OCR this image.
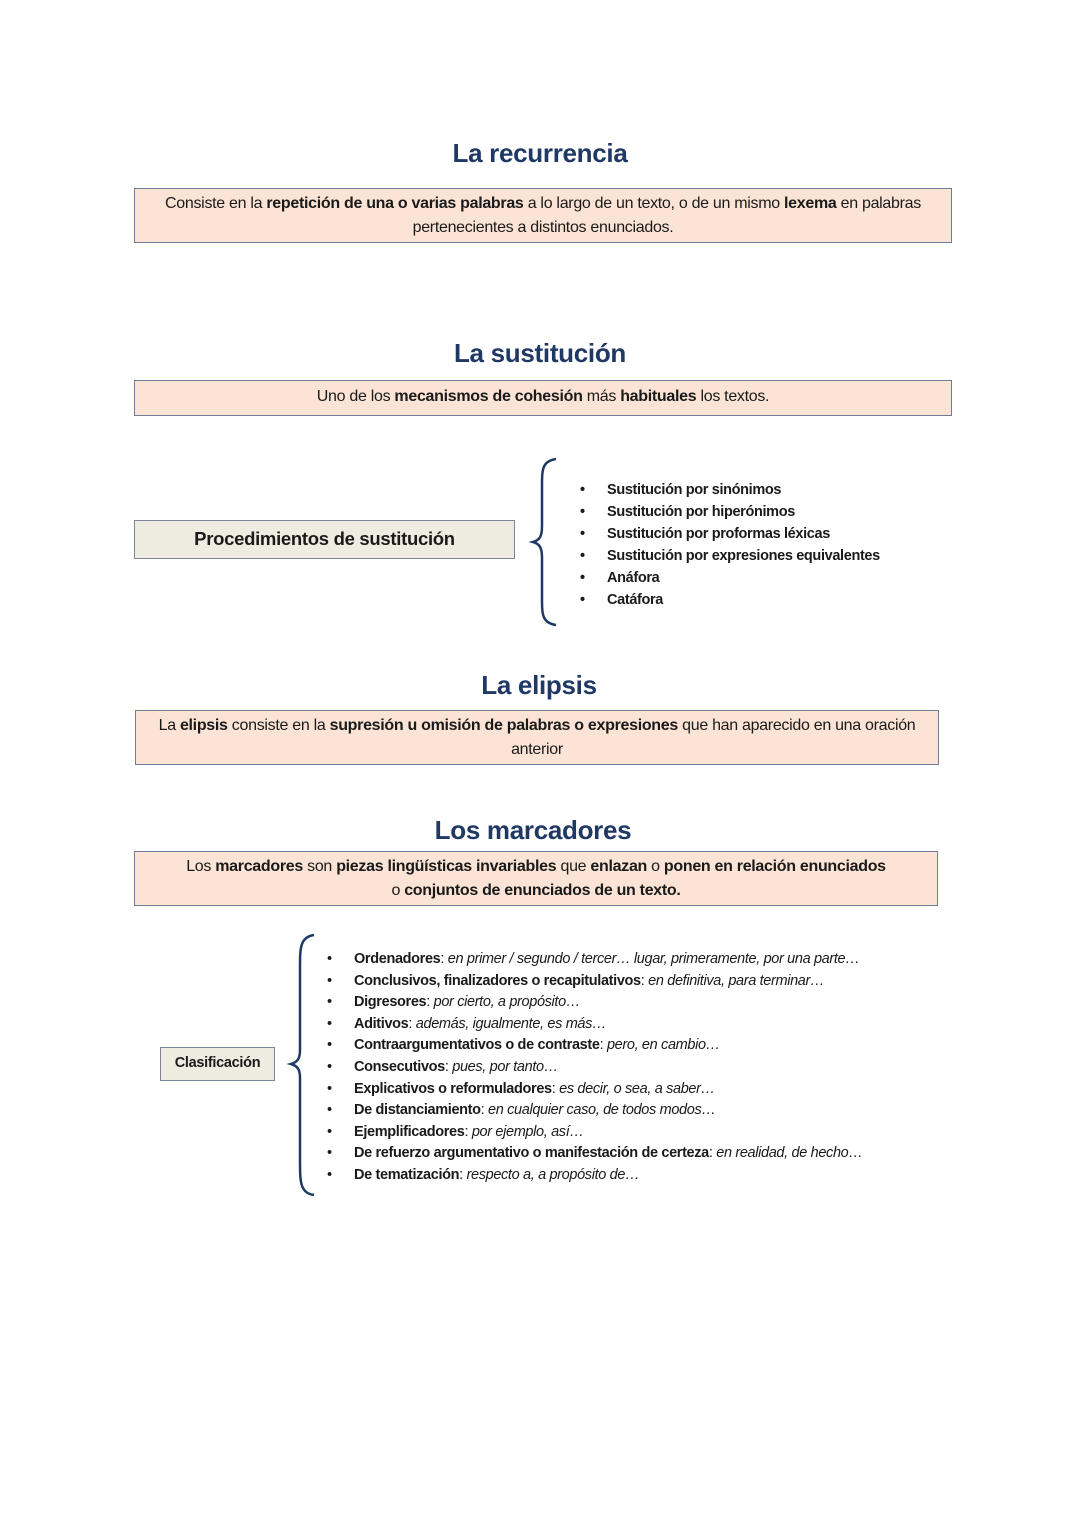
La recurrencia
Consiste en la repetición de una o varias palabras a lo largo de un texto, o de un mismo lexema en palabras pertenecientes a distintos enunciados.
La sustitución
Uno de los mecanismos de cohesión más habituales los textos.
Procedimientos de sustitución
• Sustitución por sinónimos
• Sustitución por hiperónimos
• Sustitución por proformas léxicas
• Sustitución por expresiones equivalentes
• Anáfora
• Catáfora
La elipsis
La elipsis consiste en la supresión u omisión de palabras o expresiones que han aparecido en una oración anterior
Los marcadores
Los marcadores son piezas lingüísticas invariables que enlazan o ponen en relación enunciados o conjuntos de enunciados de un texto.
Clasificación
• Ordenadores: en primer / segundo / tercer… lugar, primeramente, por una parte…
• Conclusivos, finalizadores o recapitulativos: en definitiva, para terminar…
• Digresores: por cierto, a propósito…
• Aditivos: además, igualmente, es más…
• Contraargumentativos o de contraste: pero, en cambio…
• Consecutivos: pues, por tanto…
• Explicativos o reformuladores: es decir, o sea, a saber…
• De distanciamiento: en cualquier caso, de todos modos…
• Ejemplificadores: por ejemplo, así…
• De refuerzo argumentativo o manifestación de certeza: en realidad, de hecho…
• De tematización: respecto a, a propósito de…
